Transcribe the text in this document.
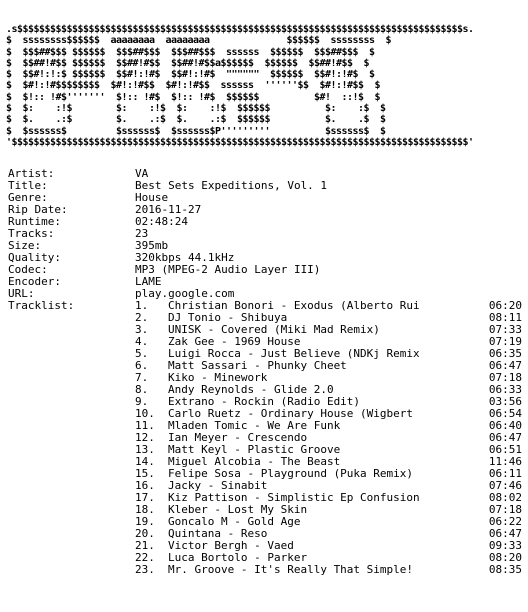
.s$$$$$$$$$$$$$$$$$$$$$$$$$$$$$$$$$$$$$$$$$$$$$$$$$$$$$$$$$$$$$$$$$$$$$$$$$$$$$$$$$s.
$  ssssssss$$$$$$  aaaaaaaa  aaaaaaaa              $$$$$$  ssssssss  $
$  $$$##$$$ $$$$$$  $$$##$$$  $$$##$$$  ssssss  $$$$$$  $$$##$$$  $
$  $$##!#$$ $$$$$$  $$##!#$$  $$##!#$$a$$$$$$  $$$$$$  $$##!#$$  $
$  $$#!:!:$ $$$$$$  $$#!:!#$  $$#!:!#$  """"""  $$$$$$  $$#!:!#$  $
$  $#!:!#$$$$$$$$  $#!:!#$$  $#!:!#$$  ssssss  ''''''$$  $#!:!#$$  $
$  $!:: !#$'''''''  $!:: !#$  $!:: !#$  $$$$$$          $#!  ::!$  $
$  $:    :!$        $:    :!$  $:    :!$  $$$$$$          $:    :$  $
$  $.    .:$        $.    .:$  $.    .:$  $$$$$$          $.    .$  $
$  $ssssss$         $ssssss$  $ssssss$P'''''''''          $ssssss$  $
'$$$$$$$$$$$$$$$$$$$$$$$$$$$$$$$$$$$$$$$$$$$$$$$$$$$$$$$$$$$$$$$$$$$$$$$$$$$$$$$$$$$'
Artist:	VA
Title:	Best Sets Expeditions, Vol. 1
Genre:	House
Rip Date:	2016-11-27
Runtime:	02:48:24
Tracks:	23
Size:	395mb
Quality:	320kbps 44.1kHz
Codec:	MP3 (MPEG-2 Audio Layer III)
Encoder:	LAME
URL:	play.google.com
Tracklist:	1.	Christian Bonori - Exodus (Alberto Rui	06:20
2.	DJ Tonio - Shibuya	08:11
3.	UNISK - Covered (Miki Mad Remix)	07:33
4.	Zak Gee - 1969 House	07:19
5.	Luigi Rocca - Just Believe (NDKj Remix	06:35
6.	Matt Sassari - Phunky Cheet	06:47
7.	Kiko - Minework	07:18
8.	Andy Reynolds - Glide 2.0	06:33
9.	Extrano - Rockin (Radio Edit)	03:56
10.	Carlo Ruetz - Ordinary House (Wigbert	06:54
11.	Mladen Tomic - We Are Funk	06:40
12.	Ian Meyer - Crescendo	06:47
13.	Matt Keyl - Plastic Groove	06:51
14.	Miguel Alcobia - The Beast	11:46
15.	Felipe Sosa - Playground (Puka Remix)	06:11
16.	Jacky - Sinabit	07:46
17.	Kiz Pattison - Simplistic Ep Confusion	08:02
18.	Kleber - Lost My Skin	07:18
19.	Goncalo M - Gold Age	06:22
20.	Quintana - Reso	06:47
21.	Victor Bergh - Vaed	09:33
22.	Luca Bortolo - Parker	08:20
23.	Mr. Groove - It's Really That Simple!	08:35
